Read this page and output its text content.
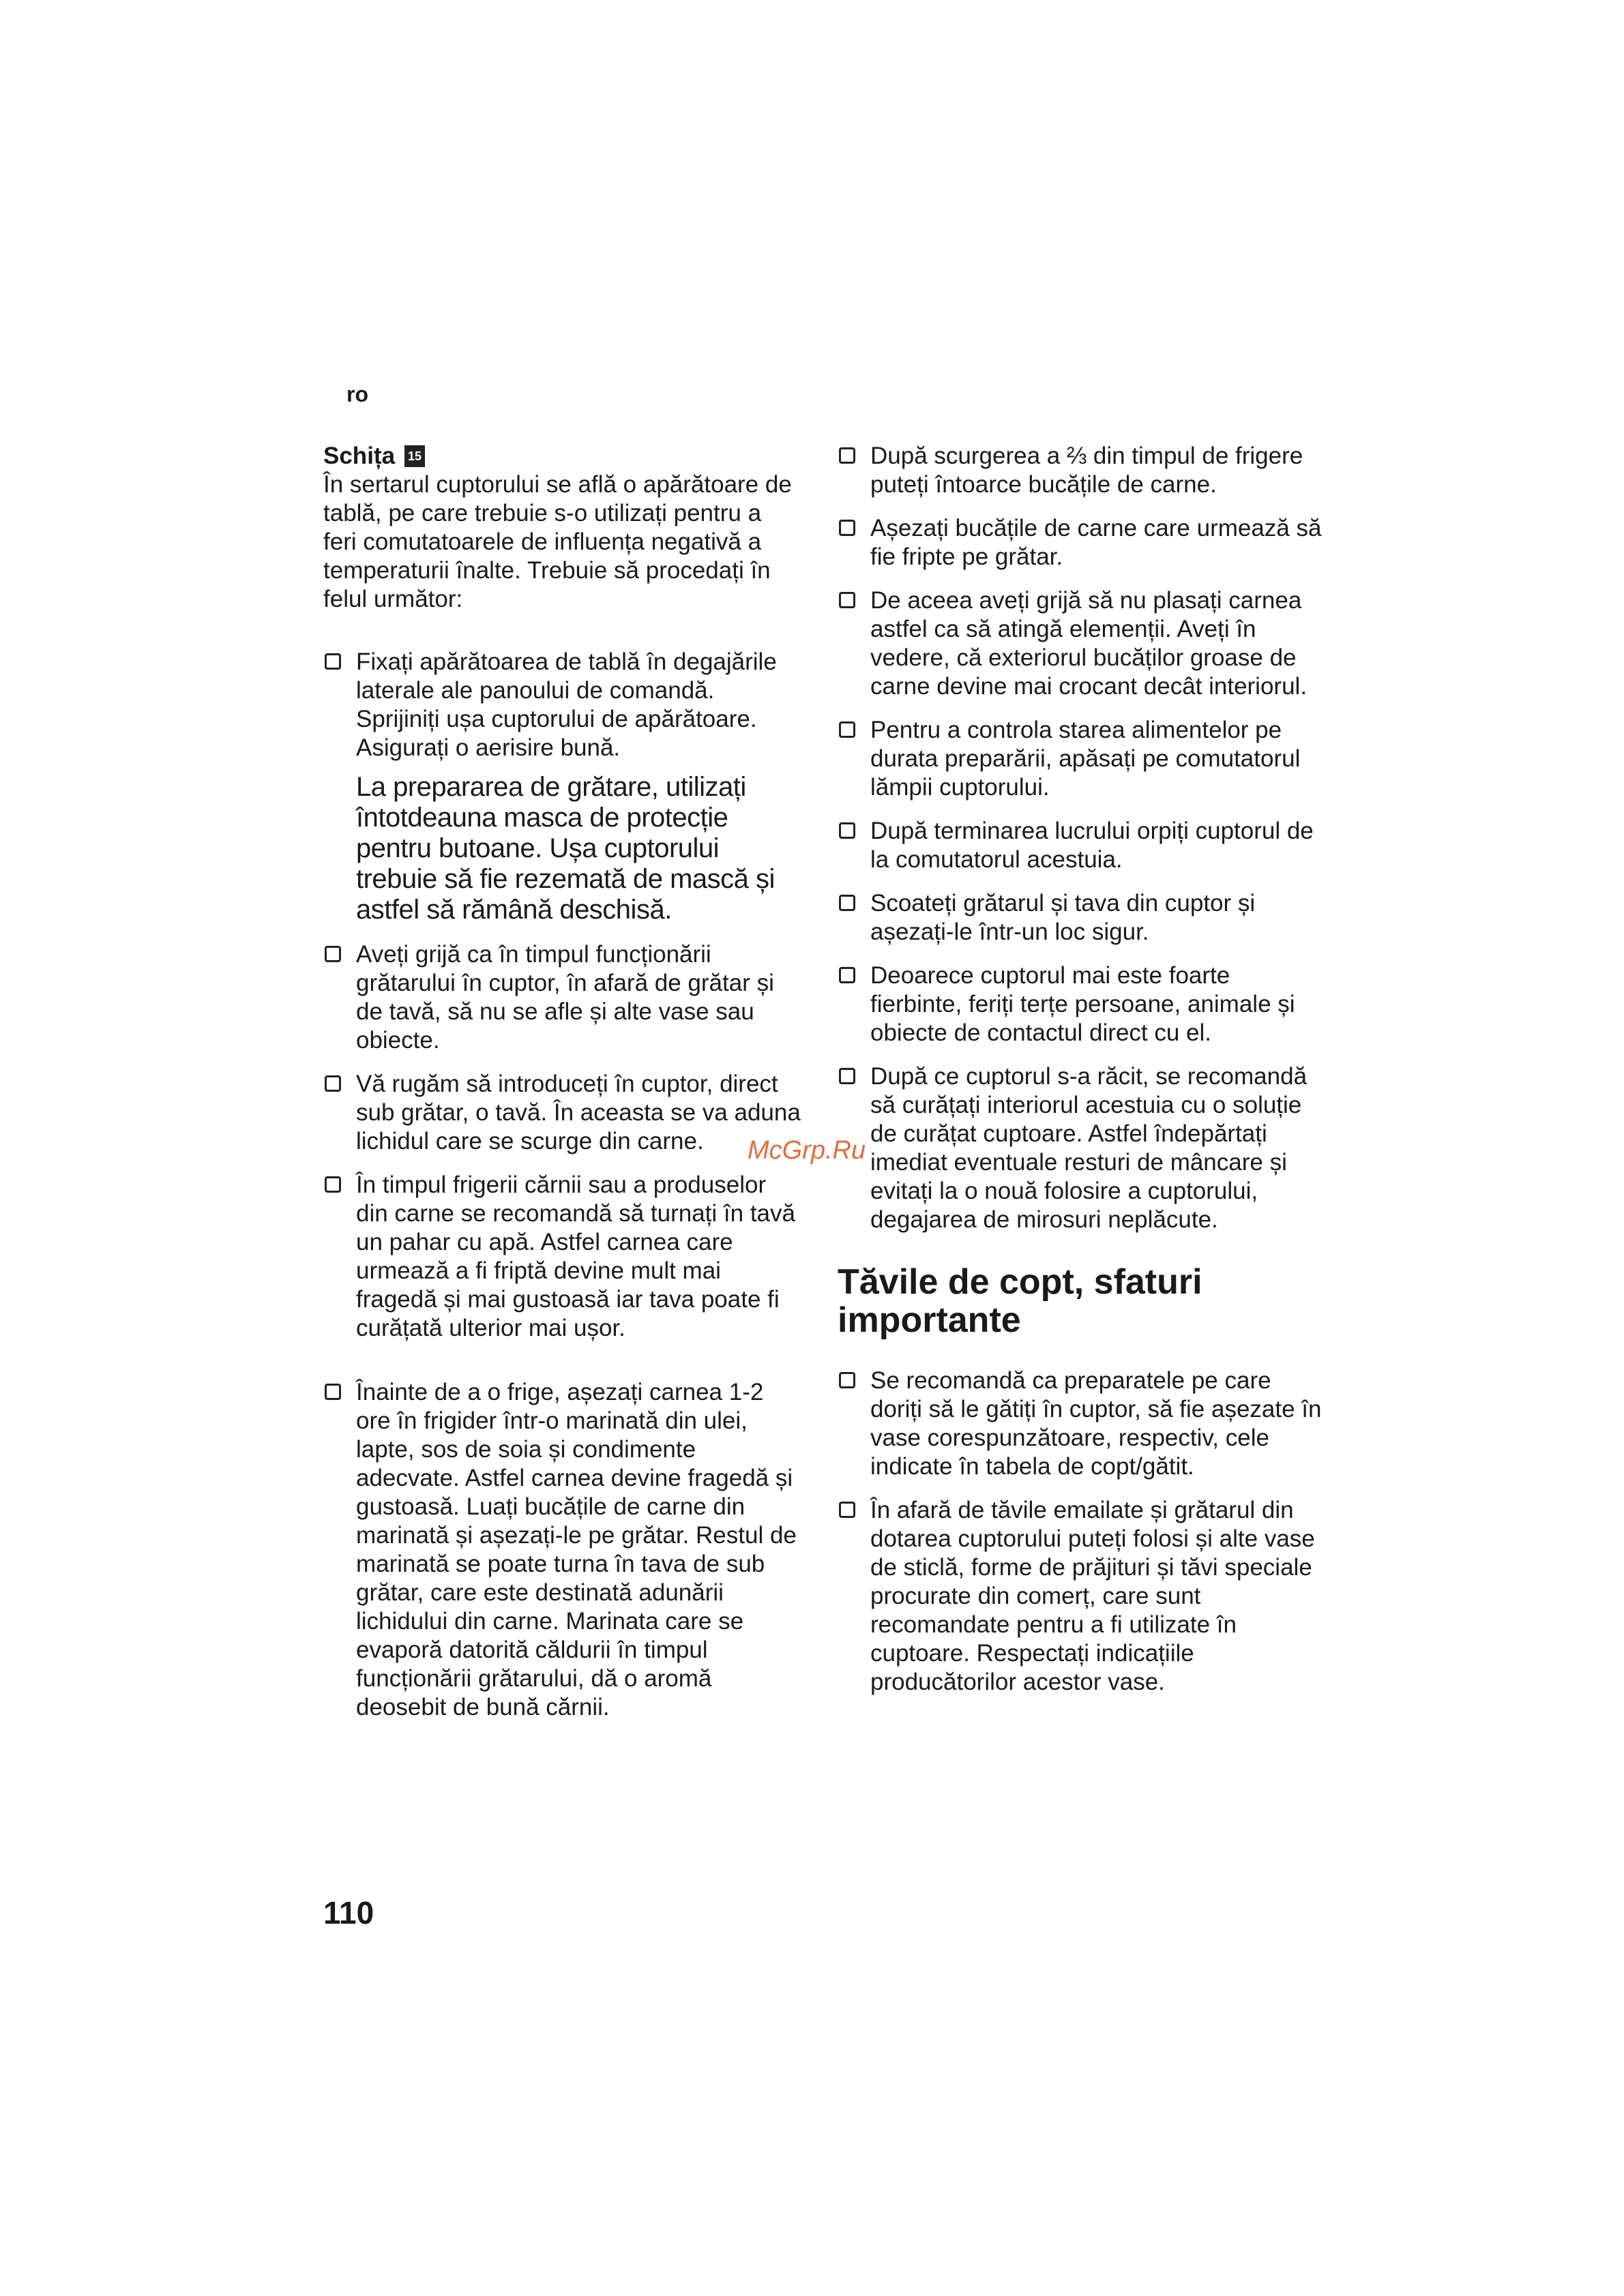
ro
Schița 15

În sertarul cuptorului se află o apărătoare de tablă, pe care trebuie s-o utilizați pentru a feri comutatoarele de influența negativă a temperaturii înalte. Trebuie să procedați în felul următor:

Fixați apărătoarea de tablă în degajările laterale ale panoului de comandă. Sprijiniți ușa cuptorului de apărătoare.

Asigurați o aerisire bună.

La prepararea de grătare, utilizați întotdeauna masca de protecție pentru butoane. Ușa cuptorului trebuie să fie rezemată de mască și astfel să rămână deschisă.

Aveți grijă ca în timpul funcționării grătarului în cuptor, în afară de grătar și de tavă, să nu se afle și alte vase sau obiecte.

Vă rugăm să introduceți în cuptor, direct sub grătar, o tavă. În aceasta se va aduna lichidul care se scurge din carne.

În timpul frigerii cărnii sau a produselor din carne se recomandă să turnați în tavă un pahar cu apă. Astfel carnea care urmează a fi friptă devine mult mai fragedă și mai gustoasă iar tava poate fi curățată ulterior mai ușor.

Înainte de a o frige, așezați carnea 1-2 ore în frigider într-o marinată din ulei, lapte, sos de soia și condimente adecvate. Astfel carnea devine fragedă și gustoasă. Luați bucățile de carne din marinată și așezați-le pe grătar. Restul de marinată se poate turna în tava de sub grătar, care este destinată adunării lichidului din carne. Marinata care se evaporă datorită căldurii în timpul funcționării grătarului, dă o aromă deosebit de bună cărnii.

După scurgerea a ⅔ din timpul de frigere puteți întoarce bucățile de carne.

Așezați bucățile de carne care urmează să fie fripte pe grătar.

De aceea aveți grijă să nu plasați carnea astfel ca să atingă elemenții. Aveți în vedere, că exteriorul bucăților groase de carne devine mai crocant decât interiorul.

Pentru a controla starea alimentelor pe durata preparării, apăsați pe comutatorul lămpii cuptorului.

După terminarea lucrului orpiți cuptorul de la comutatorul acestuia.

Scoateți grătarul și tava din cuptor și așezați-le într-un loc sigur.

Deoarece cuptorul mai este foarte fierbinte, feriți terțe persoane, animale și obiecte de contactul direct cu el.

După ce cuptorul s-a răcit, se recomandă să curățați interiorul acestuia cu o soluție de curățat cuptoare. Astfel îndepărtați imediat eventuale resturi de mâncare și evitați la o nouă folosire a cuptorului, degajarea de mirosuri neplăcute.

Tăvile de copt, sfaturi importante

Se recomandă ca preparatele pe care doriți să le gătiți în cuptor, să fie așezate în vase corespunzătoare, respectiv, cele indicate în tabela de copt/gătit.

În afară de tăvile emailate și grătarul din dotarea cuptorului puteți folosi și alte vase de sticlă, forme de prăjituri și tăvi speciale procurate din comerț, care sunt recomandate pentru a fi utilizate în cuptoare. Respectați indicațiile producătorilor acestor vase.

McGrp.Ru
110
